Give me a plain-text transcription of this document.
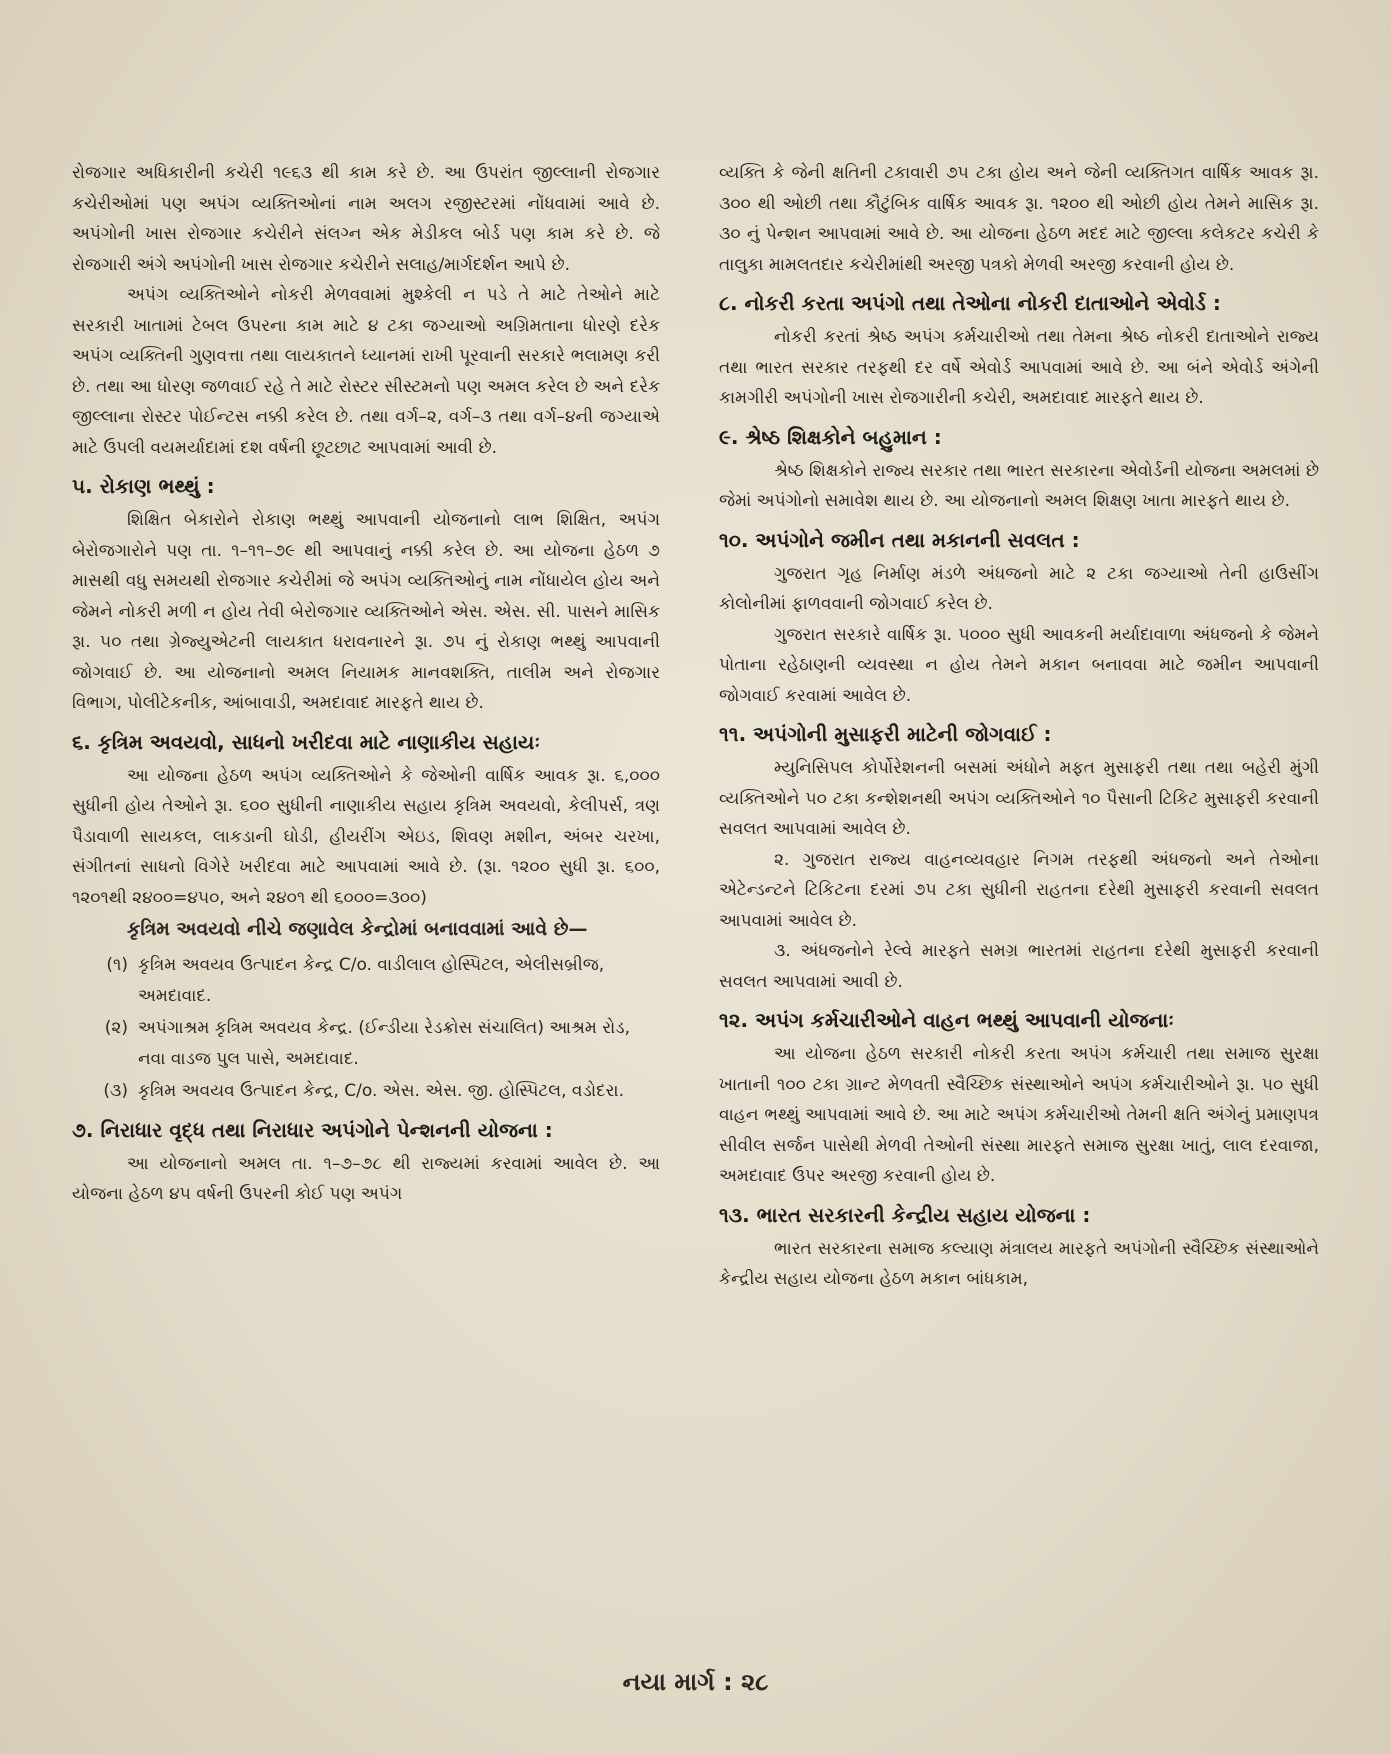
રોજગાર અધિકારીની કચેરી ૧૯૬૩ થી કામ કરે છે. આ ઉપરાંત જીલ્લાની રોજગાર કચેરીઓમાં પણ અપંગ વ્યક્તિઓનાં નામ અલગ રજીસ્ટરમાં નોંધવામાં આવે છે. અપંગોની ખાસ રોજગાર કચેરીને સંલગ્ન એક મેડીકલ બોર્ડ પણ કામ કરે છે. જે રોજગારી અંગે અપંગોની ખાસ રોજગાર કચેરીને સલાહ/માર્ગદર્શન આપે છે.

અપંગ વ્યક્તિઓને નોકરી મેળવવામાં મુશ્કેલી ન પડે તે માટે તેઓને માટે સરકારી ખાતામાં ટેબલ ઉપરના કામ માટે ૪ ટકા જગ્યાઓ અગ્રિમતાના ધોરણે દરેક અપંગ વ્યક્તિની ગુણવત્તા તથા લાયકાતને ધ્યાનમાં રાખી પૂરવાની સરકારે ભલામણ કરી છે. તથા આ ધોરણ જળવાઈ રહે તે માટે રોસ્ટર સીસ્ટમનો પણ અમલ કરેલ છે અને દરેક જીલ્લાના રોસ્ટર પોઈન્ટસ નક્કી કરેલ છે. તથા વર્ગ–૨, વર્ગ–૩ તથા વર્ગ–૪ની જગ્યાએ માટે ઉપલી વયમર્યાદામાં દશ વર્ષની છૂટછાટ આપવામાં આવી છે.

૫. રોકાણ ભથ્થું :

શિક્ષિત બેકારોને રોકાણ ભથ્થું આપવાની યોજનાનો લાભ શિક્ષિત, અપંગ બેરોજગારોને પણ તા. ૧–૧૧–૭૯ થી આપવાનું નક્કી કરેલ છે. આ યોજના હેઠળ ૭ માસથી વધુ સમયથી રોજગાર કચેરીમાં જે અપંગ વ્યક્તિઓનું નામ નોંધાયેલ હોય અને જેમને નોકરી મળી ન હોય તેવી બેરોજગાર વ્યક્તિઓને એસ. એસ. સી. પાસને માસિક રૂા. ૫૦ તથા ગ્રેજ્યુએટની લાયકાત ધરાવનારને રૂા. ૭૫ નું રોકાણ ભથ્થું આપવાની જોગવાઈ છે. આ યોજનાનો અમલ નિયામક માનવશક્તિ, તાલીમ અને રોજગાર વિભાગ, પોલીટેકનીક, આંબાવાડી, અમદાવાદ મારફતે થાય છે.

૬. કૃત્રિમ અવયવો, સાધનો ખરીદવા માટે નાણાકીય સહાયઃ

આ યોજના હેઠળ અપંગ વ્યક્તિઓને કે જેઓની વાર્ષિક આવક રૂા. ૬,૦૦૦ સુધીની હોય તેઓને રૂા. ૬૦૦ સુધીની નાણાકીય સહાય કૃત્રિમ અવયવો, કેલીપર્સ, ત્રણ પૈડાવાળી સાયકલ, લાકડાની ઘોડી, હીયરીંગ એઇડ, શિવણ મશીન, અંબર ચરખા, સંગીતનાં સાધનો વિગેરે ખરીદવા માટે આપવામાં આવે છે. (રૂા. ૧૨૦૦ સુધી રૂા. ૬૦૦, ૧૨૦૧થી ૨૪૦૦=૪૫૦, અને ૨૪૦૧ થી ૬૦૦૦=૩૦૦)

કૃત્રિમ અવયવો નીચે જણાવેલ કેન્દ્રોમાં બનાવવામાં આવે છે—

(૧) કૃત્રિમ અવયવ ઉત્પાદન કેન્દ્ર C/o. વાડીલાલ હોસ્પિટલ, એલીસબ્રીજ, અમદાવાદ.
(૨) અપંગાશ્રમ કૃત્રિમ અવયવ કેન્દ્ર. (ઈન્ડીયા રેડક્રોસ સંચાલિત) આશ્રમ રોડ, નવા વાડજ પુલ પાસે, અમદાવાદ.
(૩) કૃત્રિમ અવયવ ઉત્પાદન કેન્દ્ર, C/o. એસ. એસ. જી. હોસ્પિટલ, વડોદરા.
૭. નિરાધાર વૃદ્ધ તથા નિરાધાર અપંગોને પેન્શનની યોજના :

આ યોજનાનો અમલ તા. ૧–૭–૭૮ થી રાજ્યમાં કરવામાં આવેલ છે. આ યોજના હેઠળ ૪૫ વર્ષની ઉપરની કોઈ પણ અપંગ

વ્યક્તિ કે જેની ક્ષતિની ટકાવારી ૭૫ ટકા હોય અને જેની વ્યક્તિગત વાર્ષિક આવક રૂા. ૩૦૦ થી ઓછી તથા કૌટુંબિક વાર્ષિક આવક રૂા. ૧૨૦૦ થી ઓછી હોય તેમને માસિક રૂા. ૩૦ નું પેન્શન આપવામાં આવે છે. આ યોજના હેઠળ મદદ માટે જીલ્લા કલેકટર કચેરી કે તાલુકા મામલતદાર કચેરીમાંથી અરજી પત્રકો મેળવી અરજી કરવાની હોય છે.

૮. નોકરી કરતા અપંગો તથા તેઓના નોકરી દાતાઓને એવોર્ડ :

નોકરી કરતાં શ્રેષ્ઠ અપંગ કર્મચારીઓ તથા તેમના શ્રેષ્ઠ નોકરી દાતાઓને રાજ્ય તથા ભારત સરકાર તરફથી દર વર્ષે એવોર્ડ આપવામાં આવે છે. આ બંને એવોર્ડ અંગેની કામગીરી અપંગોની ખાસ રોજગારીની કચેરી, અમદાવાદ મારફતે થાય છે.

૯. શ્રેષ્ઠ શિક્ષકોને બહુમાન :

શ્રેષ્ઠ શિક્ષકોને રાજ્ય સરકાર તથા ભારત સરકારના એવોર્ડની યોજના અમલમાં છે જેમાં અપંગોનો સમાવેશ થાય છે. આ યોજનાનો અમલ શિક્ષણ ખાતા મારફતે થાય છે.

૧૦. અપંગોને જમીન તથા મકાનની સવલત :

ગુજરાત ગૃહ નિર્માણ મંડળે અંધજનો માટે ૨ ટકા જગ્યાઓ તેની હાઉસીંગ કોલોનીમાં ફાળવવાની જોગવાઈ કરેલ છે.

ગુજરાત સરકારે વાર્ષિક રૂા. ૫૦૦૦ સુધી આવકની મર્યાદાવાળા અંધજનો કે જેમને પોતાના રહેઠાણની વ્યવસ્થા ન હોય તેમને મકાન બનાવવા માટે જમીન આપવાની જોગવાઈ કરવામાં આવેલ છે.

૧૧. અપંગોની મુસાફરી માટેની જોગવાઈ :

મ્યુનિસિપલ કોર્પોરેશનની બસમાં અંધોને મફત મુસાફરી તથા તથા બહેરી મુંગી વ્યક્તિઓને ૫૦ ટકા કન્શેશનથી અપંગ વ્યક્તિઓને ૧૦ પૈસાની ટિકિટ મુસાફરી કરવાની સવલત આપવામાં આવેલ છે.

૨. ગુજરાત રાજ્ય વાહનવ્યવહાર નિગમ તરફથી અંધજનો અને તેઓના એટેન્ડન્ટને ટિકિટના દરમાં ૭૫ ટકા સુધીની રાહતના દરેથી મુસાફરી કરવાની સવલત આપવામાં આવેલ છે.

૩. અંધજનોને રેલ્વે મારફતે સમગ્ર ભારતમાં રાહતના દરેથી મુસાફરી કરવાની સવલત આપવામાં આવી છે.

૧૨. અપંગ કર્મચારીઓને વાહન ભથ્થું આપવાની યોજનાઃ

આ યોજના હેઠળ સરકારી નોકરી કરતા અપંગ કર્મચારી તથા સમાજ સુરક્ષા ખાતાની ૧૦૦ ટકા ગ્રાન્ટ મેળવતી સ્વૈચ્છિક સંસ્થાઓને અપંગ કર્મચારીઓને રૂા. ૫૦ સુધી વાહન ભથ્થું આપવામાં આવે છે. આ માટે અપંગ કર્મચારીઓ તેમની ક્ષતિ અંગેનું પ્રમાણપત્ર સીવીલ સર્જન પાસેથી મેળવી તેઓની સંસ્થા મારફતે સમાજ સુરક્ષા ખાતું, લાલ દરવાજા, અમદાવાદ ઉપર અરજી કરવાની હોય છે.

૧૩. ભારત સરકારની કેન્દ્રીય સહાય યોજના :

ભારત સરકારના સમાજ કલ્યાણ મંત્રાલય મારફતે અપંગોની સ્વૈચ્છિક સંસ્થાઓને કેન્દ્રીય સહાય યોજના હેઠળ મકાન બાંધકામ,

નયા માર્ગ : ૨૮
